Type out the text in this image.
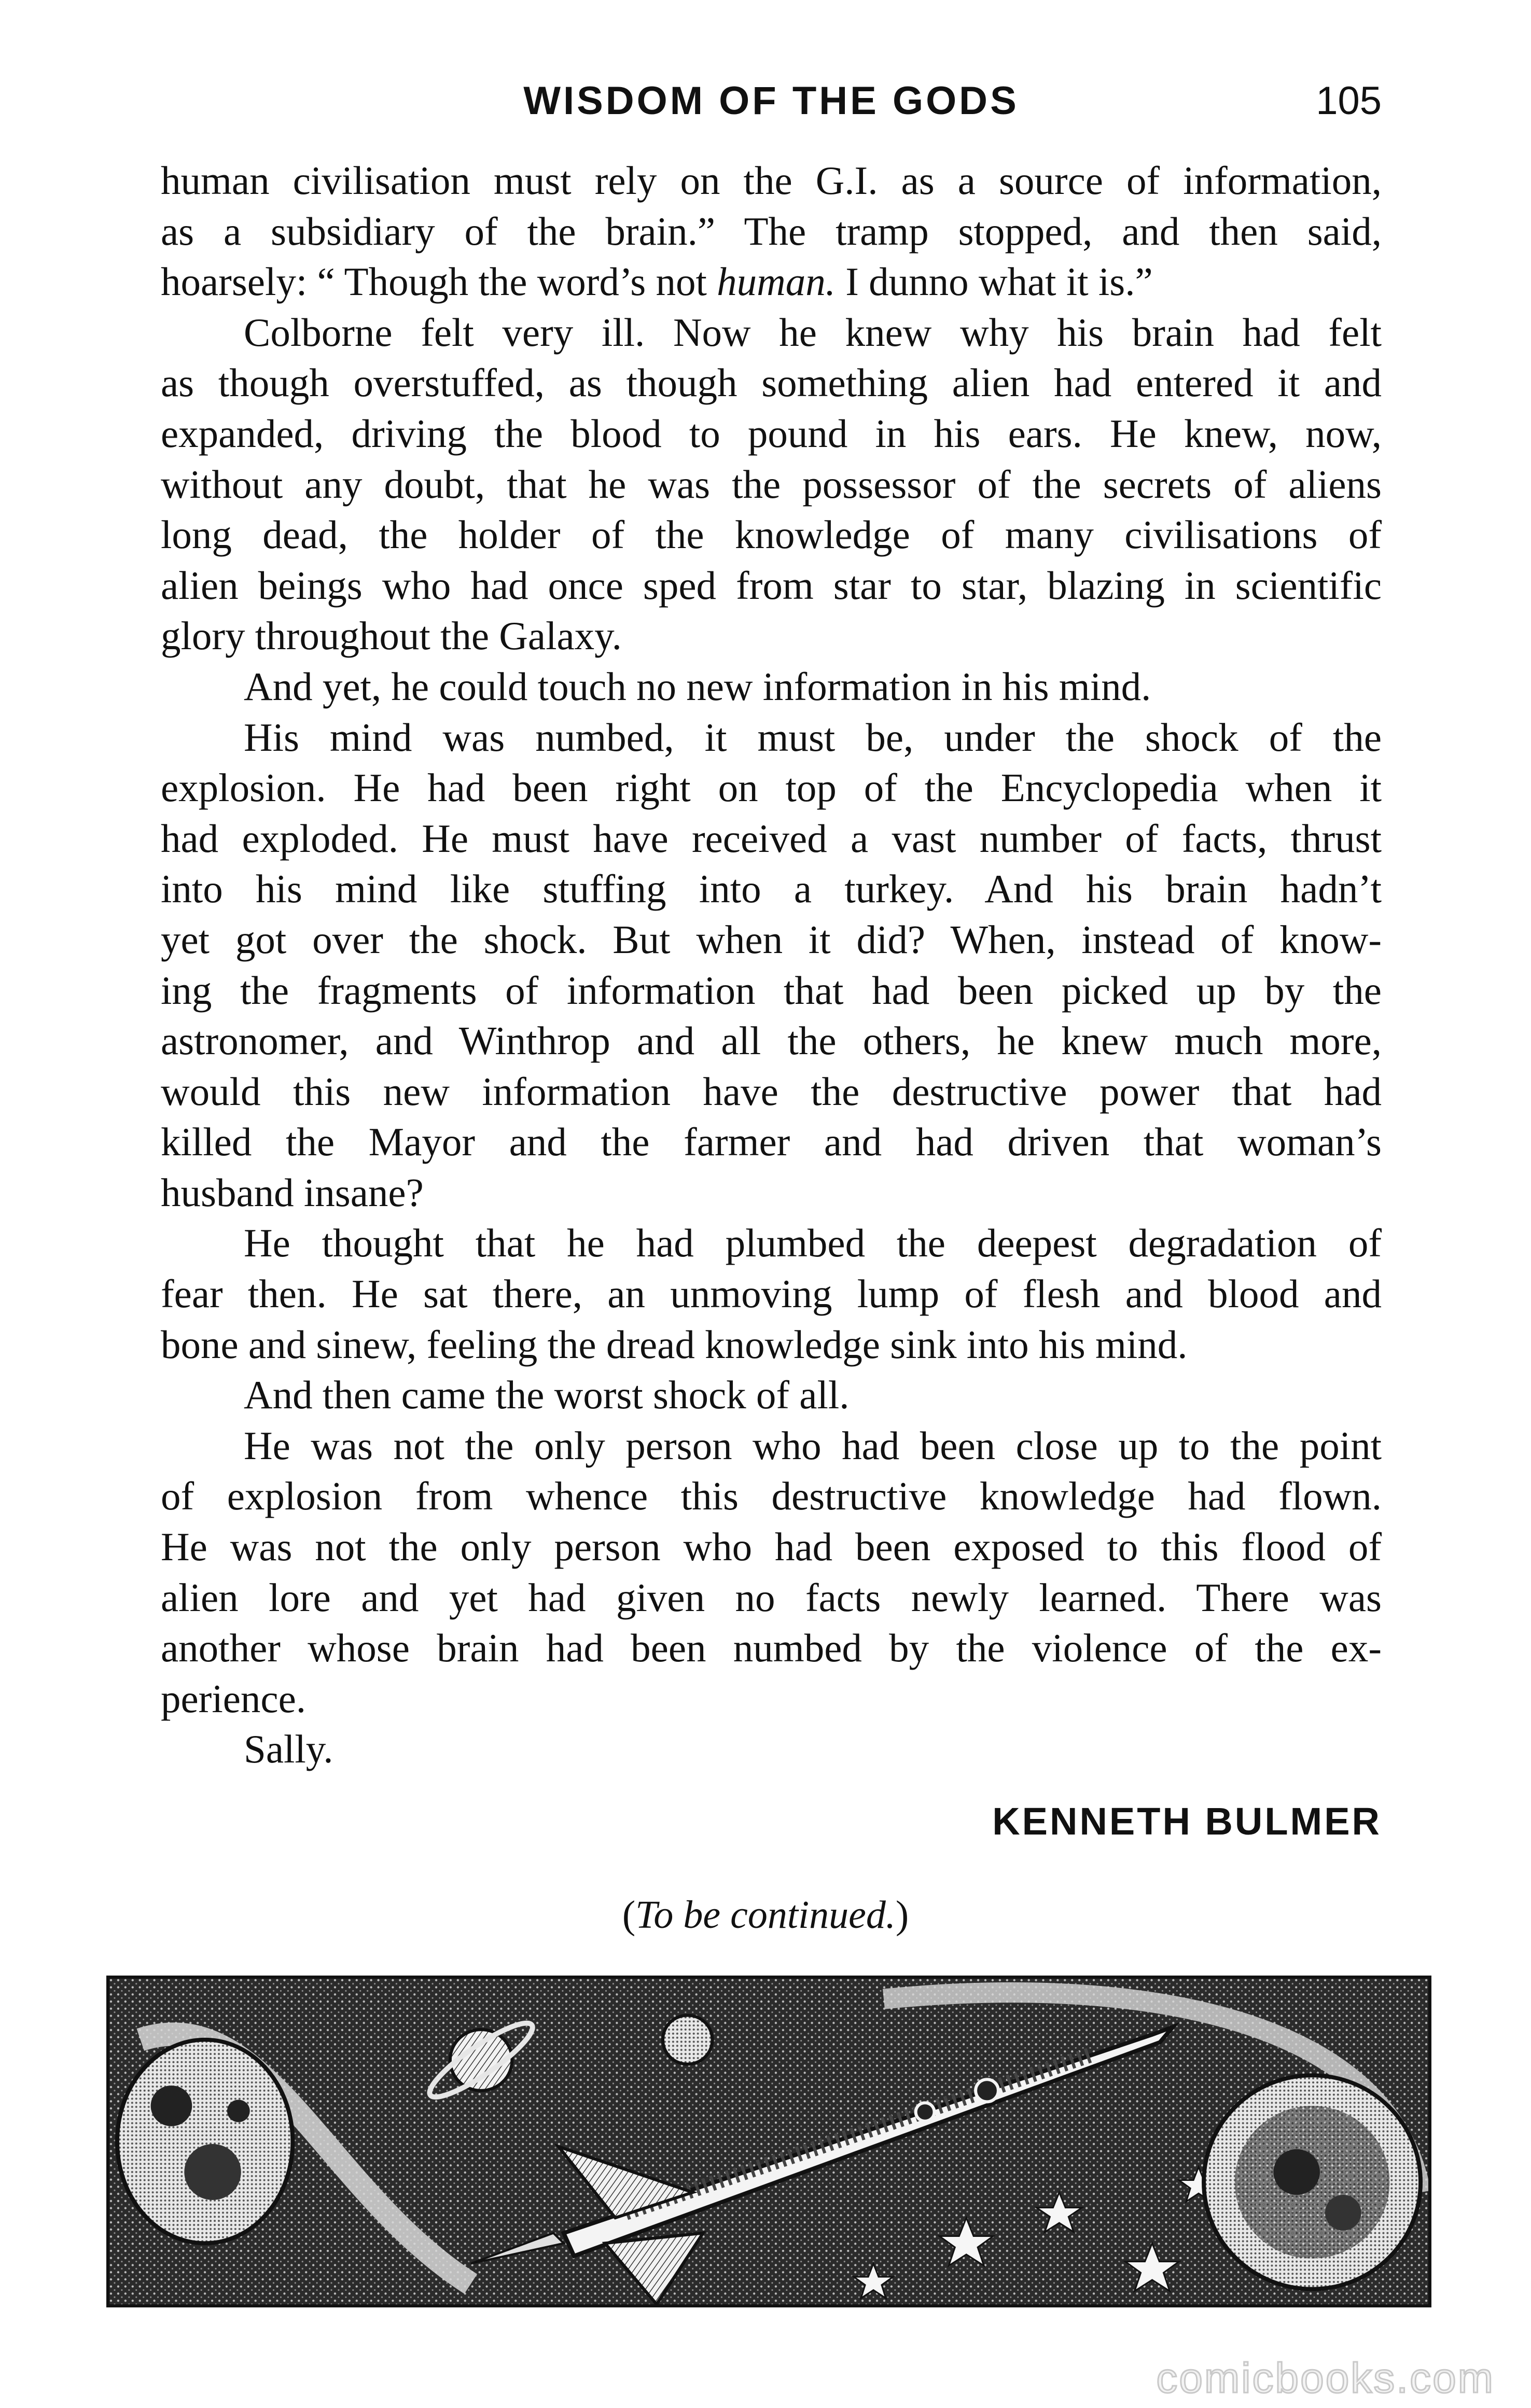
WISDOM OF THE GODS	105

human civilisation must rely on the G.I. as a source of information,
as a subsidiary of the brain.” The tramp stopped, and then said,
hoarsely: “ Though the word’s not human. I dunno what it is.”

Colborne felt very ill. Now he knew why his brain had felt
as though overstuffed, as though something alien had entered it and
expanded, driving the blood to pound in his ears. He knew, now,
without any doubt, that he was the possessor of the secrets of aliens
long dead, the holder of the knowledge of many civilisations of
alien beings who had once sped from star to star, blazing in scientific
glory throughout the Galaxy.

And yet, he could touch no new information in his mind.

His mind was numbed, it must be, under the shock of the
explosion. He had been right on top of the Encyclopedia when it
had exploded. He must have received a vast number of facts, thrust
into his mind like stuffing into a turkey. And his brain hadn’t
yet got over the shock. But when it did? When, instead of know-
ing the fragments of information that had been picked up by the
astronomer, and Winthrop and all the others, he knew much more,
would this new information have the destructive power that had
killed the Mayor and the farmer and had driven that woman’s
husband insane?

He thought that he had plumbed the deepest degradation of
fear then. He sat there, an unmoving lump of flesh and blood and
bone and sinew, feeling the dread knowledge sink into his mind.

And then came the worst shock of all.

He was not the only person who had been close up to the point
of explosion from whence this destructive knowledge had flown.
He was not the only person who had been exposed to this flood of
alien lore and yet had given no facts newly learned. There was
another whose brain had been numbed by the violence of the ex-
perience.

Sally.

KENNETH BULMER
(To be continued.)
comicbooks.com
